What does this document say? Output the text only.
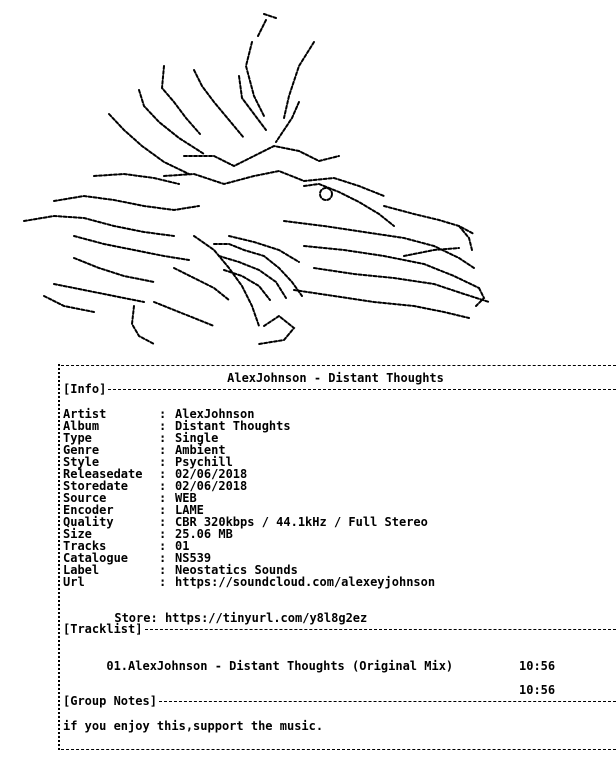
AlexJohnson - Distant Thoughts
[ Info ]
Artist	: AlexJohnson
Album	: Distant Thoughts
Type	: Single
Genre	: Ambient
Style	: Psychill
Releasedate : 02/06/2018
Storedate	: 02/06/2018
Source	: WEB
Encoder	: LAME
Quality	: CBR 320kbps / 44.1kHz / Full Stereo
Size	: 25.06 MB
Tracks	: 01
Catalogue	: NS539
Label	: Neostatics Sounds
Url	: https://soundcloud.com/alexeyjohnson

Store: https://tinyurl.com/y8l8g2ez

[ Tracklist ]

01.AlexJohnson - Distant Thoughts (Original Mix)	10:56

10:56

[ Group Notes ]
if you enjoy this,support the music.
